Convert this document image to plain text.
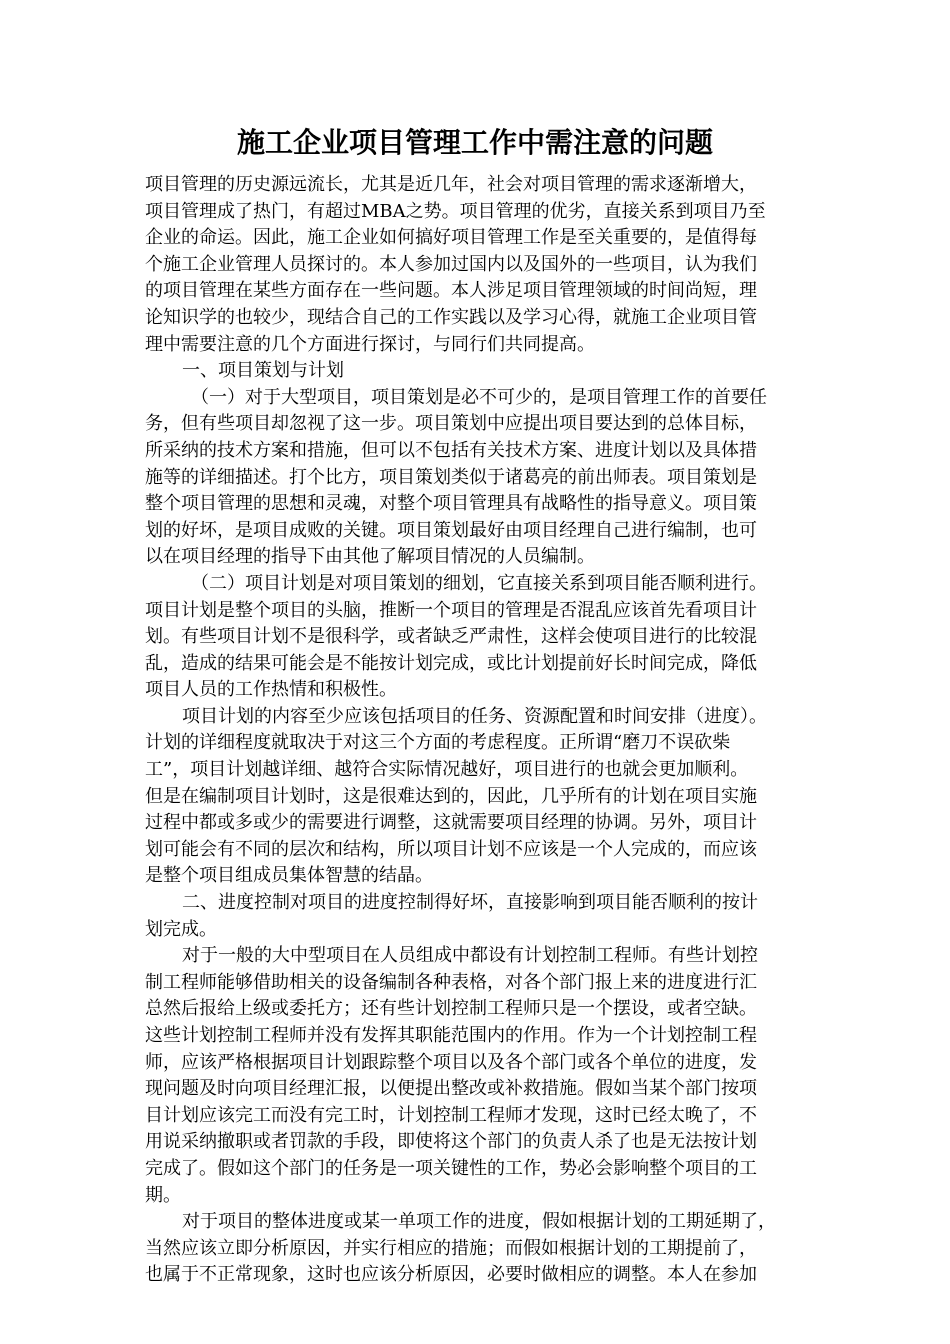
施工企业项目管理工作中需注意的问题
项目管理的历史源远流长，尤其是近几年，社会对项目管理的需求逐渐增大，
项目管理成了热门，有超过MBA之势。项目管理的优劣，直接关系到项目乃至
企业的命运。因此，施工企业如何搞好项目管理工作是至关重要的，是值得每
个施工企业管理人员探讨的。本人参加过国内以及国外的一些项目，认为我们
的项目管理在某些方面存在一些问题。本人涉足项目管理领域的时间尚短，理
论知识学的也较少，现结合自己的工作实践以及学习心得，就施工企业项目管
理中需要注意的几个方面进行探讨，与同行们共同提高。
一、项目策划与计划
（一）对于大型项目，项目策划是必不可少的，是项目管理工作的首要任
务，但有些项目却忽视了这一步。项目策划中应提出项目要达到的总体目标，
所采纳的技术方案和措施，但可以不包括有关技术方案、进度计划以及具体措
施等的详细描述。打个比方，项目策划类似于诸葛亮的前出师表。项目策划是
整个项目管理的思想和灵魂，对整个项目管理具有战略性的指导意义。项目策
划的好坏，是项目成败的关键。项目策划最好由项目经理自己进行编制，也可
以在项目经理的指导下由其他了解项目情况的人员编制。
（二）项目计划是对项目策划的细划，它直接关系到项目能否顺利进行。
项目计划是整个项目的头脑，推断一个项目的管理是否混乱应该首先看项目计
划。有些项目计划不是很科学，或者缺乏严肃性，这样会使项目进行的比较混
乱，造成的结果可能会是不能按计划完成，或比计划提前好长时间完成，降低
项目人员的工作热情和积极性。
项目计划的内容至少应该包括项目的任务、资源配置和时间安排（进度）。
计划的详细程度就取决于对这三个方面的考虑程度。正所谓“磨刀不误砍柴
工”，项目计划越详细、越符合实际情况越好，项目进行的也就会更加顺利。
但是在编制项目计划时，这是很难达到的，因此，几乎所有的计划在项目实施
过程中都或多或少的需要进行调整，这就需要项目经理的协调。另外，项目计
划可能会有不同的层次和结构，所以项目计划不应该是一个人完成的，而应该
是整个项目组成员集体智慧的结晶。
二、进度控制对项目的进度控制得好坏，直接影响到项目能否顺利的按计
划完成。
对于一般的大中型项目在人员组成中都设有计划控制工程师。有些计划控
制工程师能够借助相关的设备编制各种表格，对各个部门报上来的进度进行汇
总然后报给上级或委托方；还有些计划控制工程师只是一个摆设，或者空缺。
这些计划控制工程师并没有发挥其职能范围内的作用。作为一个计划控制工程
师，应该严格根据项目计划跟踪整个项目以及各个部门或各个单位的进度，发
现问题及时向项目经理汇报，以便提出整改或补救措施。假如当某个部门按项
目计划应该完工而没有完工时，计划控制工程师才发现，这时已经太晚了，不
用说采纳撤职或者罚款的手段，即使将这个部门的负责人杀了也是无法按计划
完成了。假如这个部门的任务是一项关键性的工作，势必会影响整个项目的工
期。
对于项目的整体进度或某一单项工作的进度，假如根据计划的工期延期了，
当然应该立即分析原因，并实行相应的措施；而假如根据计划的工期提前了，
也属于不正常现象，这时也应该分析原因，必要时做相应的调整。本人在参加
